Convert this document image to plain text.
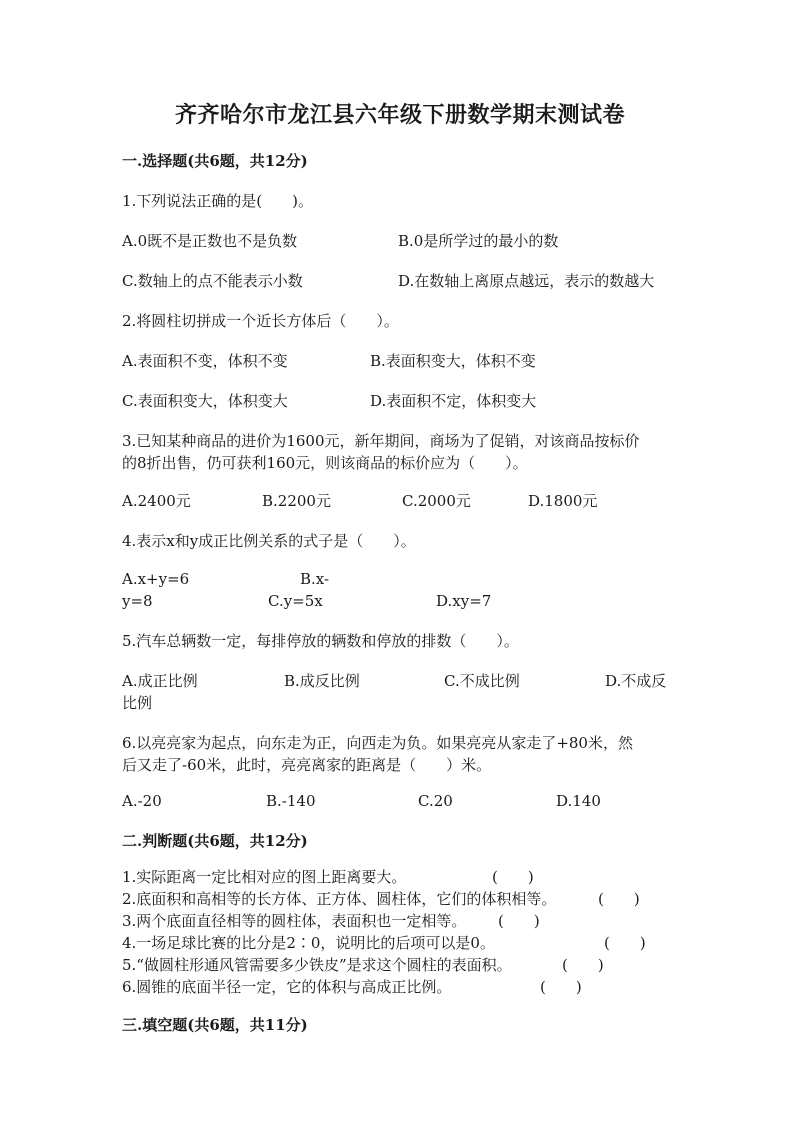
齐齐哈尔市龙江县六年级下册数学期末测试卷
一.选择题(共6题，共12分)
1.下列说法正确的是(　　)。
A.0既不是正数也不是负数	B.0是所学过的最小的数
C.数轴上的点不能表示小数	D.在数轴上离原点越远，表示的数越大
2.将圆柱切拼成一个近长方体后（　　）。
A.表面积不变，体积不变	B.表面积变大，体积不变
C.表面积变大，体积变大	D.表面积不定，体积变大
3.已知某种商品的进价为1600元，新年期间，商场为了促销，对该商品按标价
的8折出售，仍可获利160元，则该商品的标价应为（　　）。
A.2400元	B.2200元	C.2000元	D.1800元
4.表示x和y成正比例关系的式子是（　　）。
A.x+y=6	B.x-
y=8	C.y=5x	D.xy=7
5.汽车总辆数一定，每排停放的辆数和停放的排数（　　）。
A.成正比例	B.成反比例	C.不成比例	D.不成反
比例
6.以亮亮家为起点，向东走为正，向西走为负。如果亮亮从家走了+80米，然
后又走了-60米，此时，亮亮离家的距离是（　　）米。
A.-20	B.-140	C.20	D.140
二.判断题(共6题，共12分)
1.实际距离一定比相对应的图上距离要大。	(　　)
2.底面积和高相等的长方体、正方体、圆柱体，它们的体积相等。	(　　)
3.两个底面直径相等的圆柱体，表面积也一定相等。 (　　)
4.一场足球比赛的比分是2∶0，说明比的后项可以是0。	(　　)
5.“做圆柱形通风管需要多少铁皮”是求这个圆柱的表面积。	(　　)
6.圆锥的底面半径一定，它的体积与高成正比例。	(　　)
三.填空题(共6题，共11分)
